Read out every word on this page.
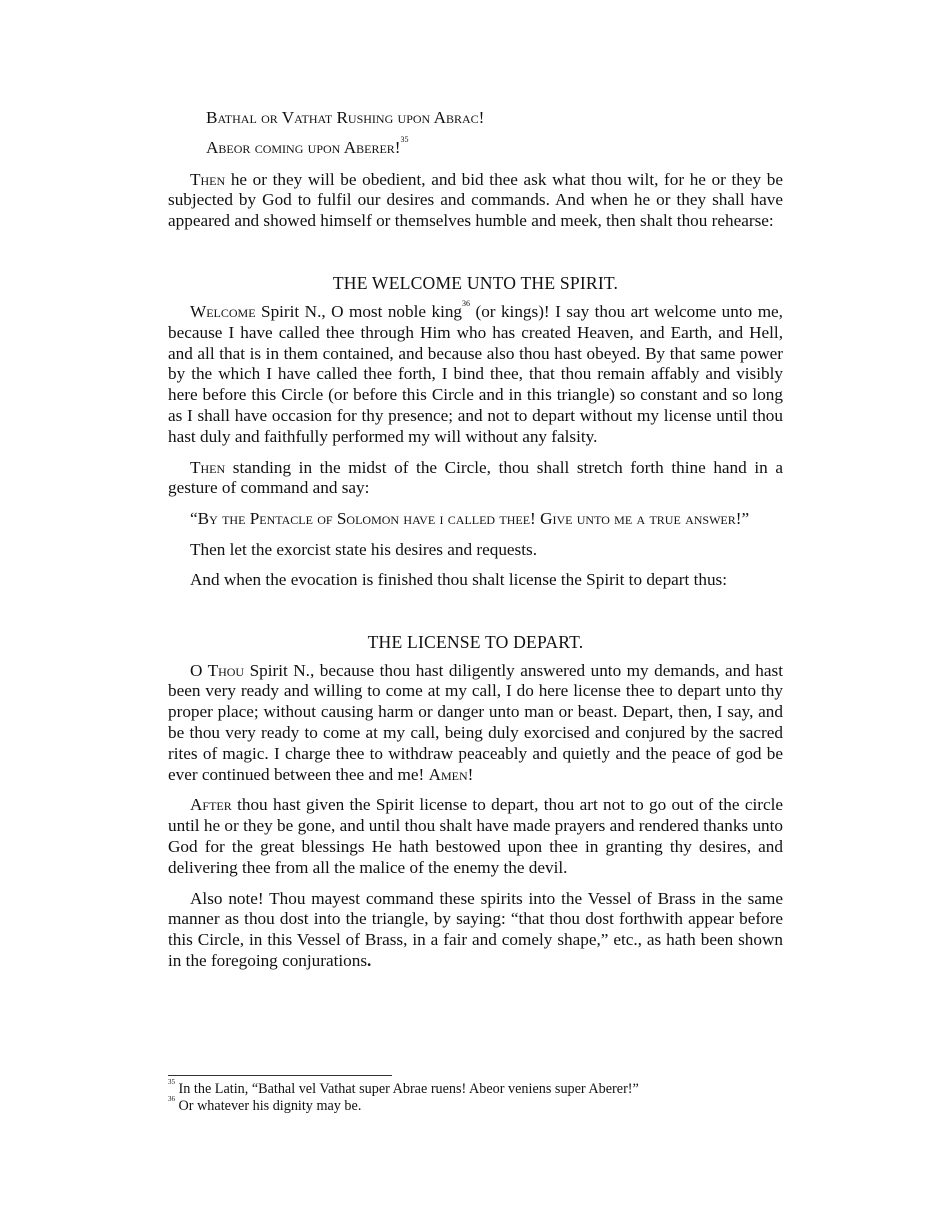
Bathal or Vathat Rushing upon Abrac!

Abeor coming upon Aberer!$^{35}$

Then he or they will be obedient, and bid thee ask what thou wilt, for he or they be subjected by God to fulfil our desires and commands. And when he or they shall have appeared and showed himself or themselves humble and meek, then shalt thou rehearse:

THE WELCOME UNTO THE SPIRIT.

Welcome Spirit N., O most noble king$^{36}$ (or kings)! I say thou art welcome unto me, because I have called thee through Him who has created Heaven, and Earth, and Hell, and all that is in them contained, and because also thou hast obeyed. By that same power by the which I have called thee forth, I bind thee, that thou remain affably and visibly here before this Circle (or before this Circle and in this triangle) so constant and so long as I shall have occasion for thy presence; and not to depart without my license until thou hast duly and faithfully performed my will without any falsity.

Then standing in the midst of the Circle, thou shall stretch forth thine hand in a gesture of command and say:

“By the Pentacle of Solomon have i called thee! Give unto me a true answer!”

Then let the exorcist state his desires and requests.

And when the evocation is finished thou shalt license the Spirit to depart thus:

THE LICENSE TO DEPART.

O Thou Spirit N., because thou hast diligently answered unto my demands, and hast been very ready and willing to come at my call, I do here license thee to depart unto thy proper place; without causing harm or danger unto man or beast. Depart, then, I say, and be thou very ready to come at my call, being duly exorcised and conjured by the sacred rites of magic. I charge thee to withdraw peaceably and quietly and the peace of god be ever continued between thee and me! Amen!

After thou hast given the Spirit license to depart, thou art not to go out of the circle until he or they be gone, and until thou shalt have made prayers and rendered thanks unto God for the great blessings He hath bestowed upon thee in granting thy desires, and delivering thee from all the malice of the enemy the devil.

Also note! Thou mayest command these spirits into the Vessel of Brass in the same manner as thou dost into the triangle, by saying: “that thou dost forthwith appear before this Circle, in this Vessel of Brass, in a fair and comely shape,” etc., as hath been shown in the foregoing conjurations.

$^{35}$ In the Latin, “Bathal vel Vathat super Abrae ruens! Abeor veniens super Aberer!”

$^{36}$ Or whatever his dignity may be.
